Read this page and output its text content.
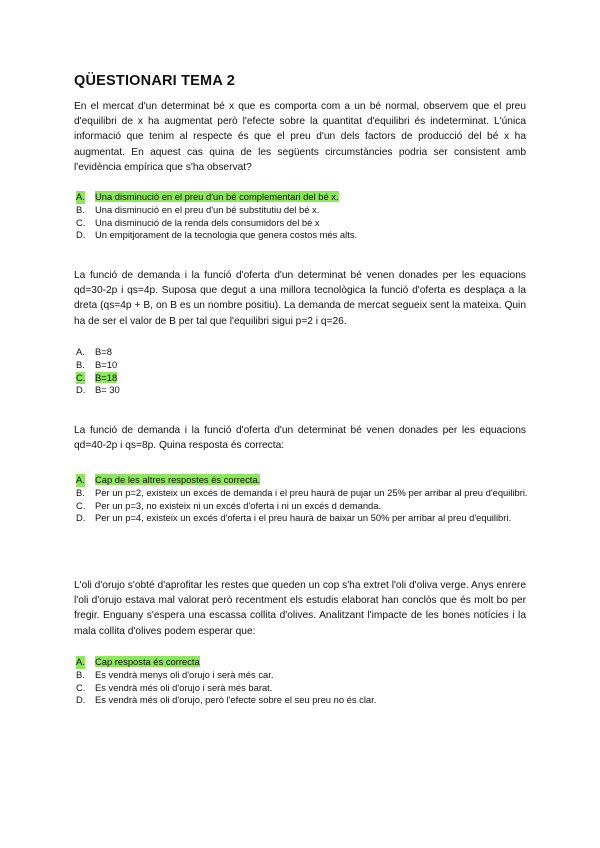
QÜESTIONARI TEMA 2
En el mercat d'un determinat bé x que es comporta com a un bé normal, observem que el preu d'equilibri de x ha augmentat però l'efecte sobre la quantitat d'equilibri és indeterminat. L'única informació que tenim al respecte és que el preu d'un dels factors de producció del bé x ha augmentat. En aquest cas quina de les següents circumstàncies podria ser consistent amb l'evidència empírica que s'ha observat?
A. Una disminució en el preu d'un bé complementari del bé x.
B. Una disminució en el preu d'un bé substitutiu del bé x.
C. Una disminució de la renda dels consumidors del bé x
D. Un empitjorament de la tecnologia que genera costos més alts.
La funció de demanda i la funció d'oferta d'un determinat bé venen donades per les equacions qd=30-2p i qs=4p. Suposa que degut a una millora tecnològica la funció d'oferta es desplaça a la dreta (qs=4p + B, on B es un nombre positiu). La demanda de mercat segueix sent la mateixa. Quin ha de ser el valor de B per tal que l'equilibri sigui p=2 i q=26.
A. B=8
B. B=10
C. B=18
D. B= 30
La funció de demanda i la funció d'oferta d'un determinat bé venen donades per les equacions qd=40-2p i qs=8p. Quina resposta és correcta:
A. Cap de les altres respostes és correcta.
B. Per un p=2, existeix un excés de demanda i el preu haurà de pujar un 25% per arribar al preu d'equilibri.
C. Per un p=3, no existeix ni un excés d'oferta i ni un excés d demanda.
D. Per un p=4, existeix un excés d'oferta i el preu haurà de baixar un 50% per arribar al preu d'equilibri.
L'oli d'orujo s'obté d'aprofitar les restes que queden un cop s'ha extret l'oli d'oliva verge. Anys enrere l'oli d'orujo estava mal valorat però recentment els estudis elaborat han conclòs que és molt bo per fregir. Enguany s'espera una escassa collita d'olives. Analitzant l'impacte de les bones notícies i la mala collita d'olives podem esperar que:
A. Cap resposta és correcta
B. Es vendrà menys oli d'orujo i serà més car.
C. Es vendrà més oli d'orujo i serà més barat.
D. Es vendrà més oli d'orujo, però l'efecte sobre el seu preu no és clar.
